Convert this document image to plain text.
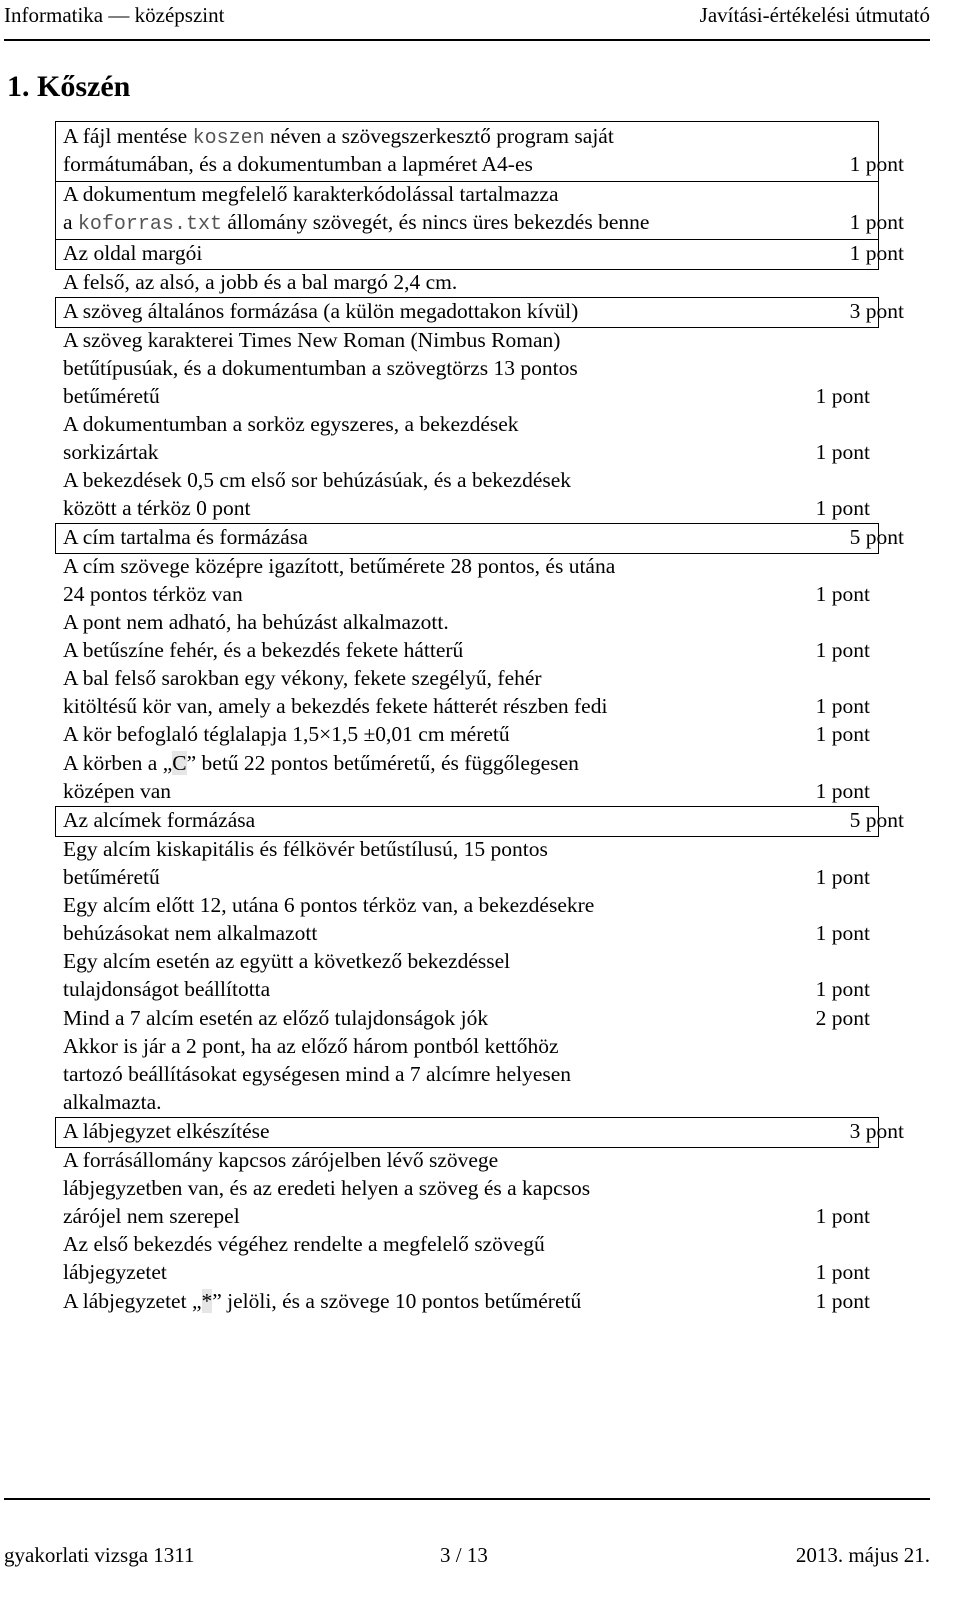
Informatika — középszint	Javítási-értékelési útmutató
1. Kőszén
A fájl mentése koszen néven a szövegszerkesztő program saját
formátumában, és a dokumentumban a lapméret A4-es	1 pont
A dokumentum megfelelő karakterkódolással tartalmazza
a koforras.txt állomány szövegét, és nincs üres bekezdés benne	1 pont
Az oldal margói	1 pont
A felső, az alsó, a jobb és a bal margó 2,4 cm.
A szöveg általános formázása (a külön megadottakon kívül)	3 pont
A szöveg karakterei Times New Roman (Nimbus Roman)
betűtípusúak, és a dokumentumban a szövegtörzs 13 pontos
betűméretű	1 pont
A dokumentumban a sorköz egyszeres, a bekezdések
sorkizártak	1 pont
A bekezdések 0,5 cm első sor behúzásúak, és a bekezdések
között a térköz 0 pont	1 pont
A cím tartalma és formázása	5 pont
A cím szövege középre igazított, betűmérete 28 pontos, és utána
24 pontos térköz van	1 pont
A pont nem adható, ha behúzást alkalmazott.
A betűszíne fehér, és a bekezdés fekete hátterű	1 pont
A bal felső sarokban egy vékony, fekete szegélyű, fehér
kitöltésű kör van, amely a bekezdés fekete hátterét részben fedi	1 pont
A kör befoglaló téglalapja 1,5×1,5 ±0,01 cm méretű	1 pont
A körben a „C” betű 22 pontos betűméretű, és függőlegesen
középen van	1 pont
Az alcímek formázása	5 pont
Egy alcím kiskapitális és félkövér betűstílusú, 15 pontos
betűméretű	1 pont
Egy alcím előtt 12, utána 6 pontos térköz van, a bekezdésekre
behúzásokat nem alkalmazott	1 pont
Egy alcím esetén az együtt a következő bekezdéssel
tulajdonságot beállította	1 pont
Mind a 7 alcím esetén az előző tulajdonságok jók	2 pont
Akkor is jár a 2 pont, ha az előző három pontból kettőhöz
tartozó beállításokat egységesen mind a 7 alcímre helyesen
alkalmazta.
A lábjegyzet elkészítése	3 pont
A forrásállomány kapcsos zárójelben lévő szövege
lábjegyzetben van, és az eredeti helyen a szöveg és a kapcsos
zárójel nem szerepel	1 pont
Az első bekezdés végéhez rendelte a megfelelő szövegű
lábjegyzetet	1 pont
A lábjegyzetet „*” jelöli, és a szövege 10 pontos betűméretű	1 pont
gyakorlati vizsga 1311	3 / 13	2013. május 21.
